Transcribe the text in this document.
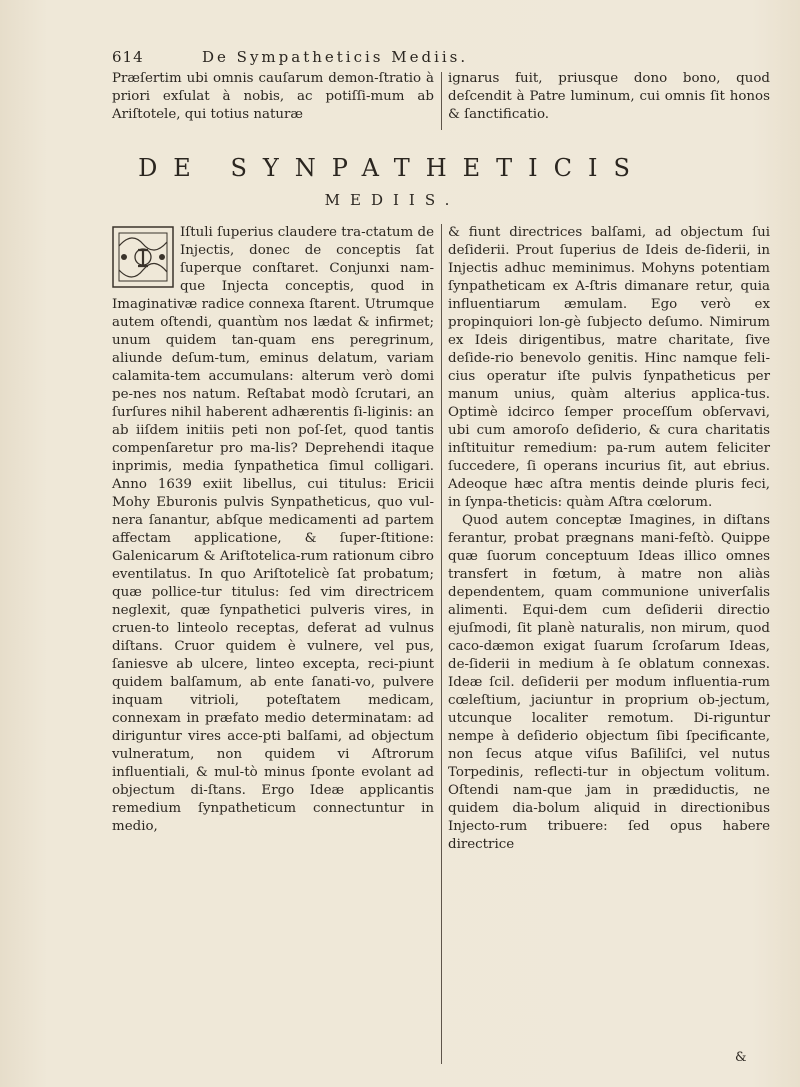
614	De Sympatheticis Mediis.

Præſertim ubi omnis cauſarum demon-ſtratio à priori exſulat à nobis, ac potiſſi-mum ab Ariſtotele, qui totius naturæ

ignarus fuit, priusque dono bono, quod deſcendit à Patre luminum, cui omnis ſit honos & ſanctificatio.

DE SYNPATHETICIS
MEDIIS.

Iſtuli ſuperius claudere tra-ctatum de Injectis, donec de conceptis ſat ſuperque conſtaret. Conjunxi nam-que Injecta conceptis, quod in Imaginativæ radice connexa ſtarent. Utrumque autem oſtendi, quantùm nos lædat & infirmet; unum quidem tan-quam ens peregrinum, aliunde deſum-tum, eminus delatum, variam calamita-tem accumulans: alterum verò domi pe-nes nos natum. Reſtabat modò ſcrutari, an ſurſures nihil haberent adhærentis ſi-liginis: an ab iiſdem initiis peti non poſ-ſet, quod tantis compenſaretur pro ma-lis? Deprehendi itaque inprimis, media ſynpathetica ſimul colligari. Anno 1639 exiit libellus, cui titulus: Ericii Mohy Eburonis pulvis Synpatheticus, quo vul-nera ſanantur, abſque medicamenti ad partem affectam applicatione, & ſuper-ſtitione: Galenicarum & Ariſtotelica-rum rationum cibro eventilatus. In quo Ariſtotelicè ſat probatum; quæ pollice-tur titulus: ſed vim directricem neglexit, quæ ſynpathetici pulveris vires, in cruen-to linteolo receptas, deferat ad vulnus diſtans. Cruor quidem è vulnere, vel pus, ſaniesve ab ulcere, linteo excepta, reci-piunt quidem balſamum, ab ente ſanati-vo, pulvere inquam vitrioli, poteſtatem medicam, connexam in præfato medio determinatam: ad diriguntur vires acce-pti balſami, ad objectum vulneratum, non quidem vi Aſtrorum influentiali, & mul-tò minus ſponte evolant ad objectum di-ſtans. Ergo Ideæ applicantis remedium ſynpatheticum connectuntur in medio,

& fiunt directrices balſami, ad objectum ſui deſiderii. Prout ſuperius de Ideis de-ſiderii, in Injectis adhuc meminimus. Mohyns potentiam ſynpatheticam ex A-ſtris dimanare retur, quia influentiarum æmulam. Ego verò ex propinquiori lon-gè ſubjecto deſumo. Nimirum ex Ideis dirigentibus, matre charitate, ſive deſide-rio benevolo genitis. Hinc namque feli-cius operatur iſte pulvis ſynpatheticus per manum unius, quàm alterius applica-tus. Optimè idcirco ſemper proceſſum obſervavi, ubi cum amoroſo deſiderio, & cura charitatis inſtituitur remedium: pa-rum autem feliciter ſuccedere, ſi operans incurius ſit, aut ebrius. Adeoque hæc aſtra mentis deinde pluris feci, in ſynpa-theticis: quàm Aſtra cœlorum.

Quod autem conceptæ Imagines, in diſtans ferantur, probat prægnans mani-feſtò. Quippe quæ ſuorum conceptuum Ideas illico omnes transfert in fœtum, à matre non aliàs dependentem, quam communione univerſalis alimenti. Equi-dem cum deſiderii directio ejuſmodi, ſit planè naturalis, non mirum, quod caco-dæmon exigat ſuarum ſcroſarum Ideas, de-ſiderii in medium à ſe oblatum connexas. Ideæ ſcil. deſiderii per modum influentia-rum cœleſtium, jaciuntur in proprium ob-jectum, utcunque localiter remotum. Di-riguntur nempe à deſiderio objectum ſibi ſpecificante, non ſecus atque viſus Baſiliſci, vel nutus Torpedinis, reflecti-tur in objectum volitum. Oſtendi nam-que jam in prædiductis, ne quidem dia-bolum aliquid in directionibus Injecto-rum tribuere: ſed opus habere directrice

&
